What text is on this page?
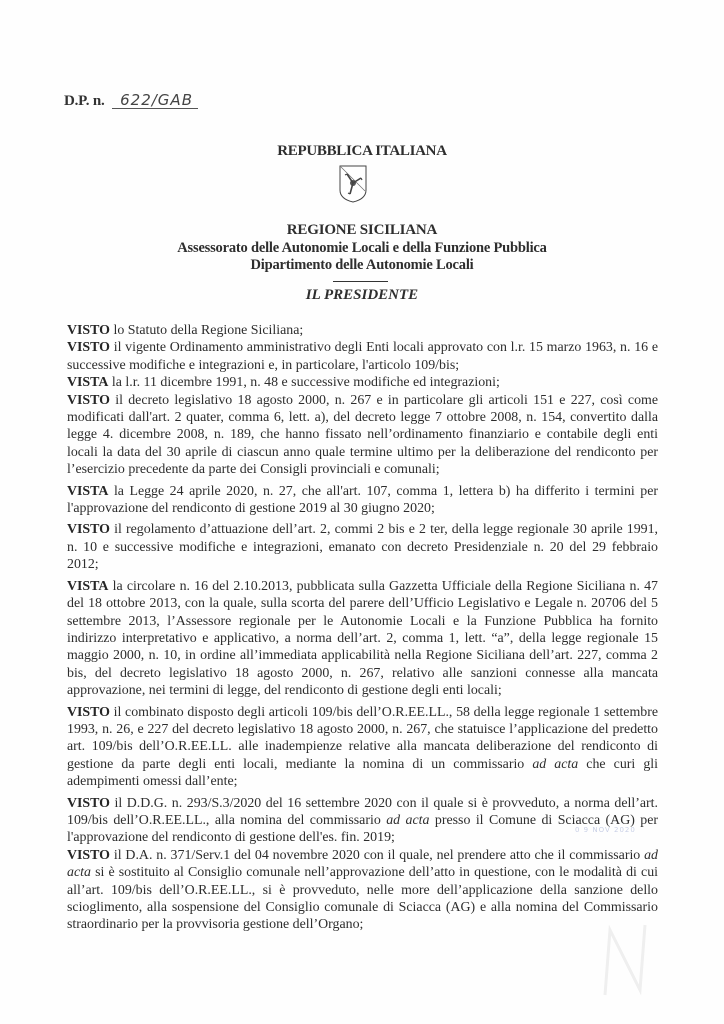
D.P. n. 622/GAB
REPUBBLICA ITALIANA
REGIONE SICILIANA
Assessorato delle Autonomie Locali e della Funzione Pubblica
Dipartimento delle Autonomie Locali
IL PRESIDENTE

VISTO lo Statuto della Regione Siciliana;

VISTO il vigente Ordinamento amministrativo degli Enti locali approvato con l.r. 15 marzo 1963, n. 16 e successive modifiche e integrazioni e, in particolare, l'articolo 109/bis;

VISTA la l.r. 11 dicembre 1991, n. 48 e successive modifiche ed integrazioni;

VISTO il decreto legislativo 18 agosto 2000, n. 267 e in particolare gli articoli 151 e 227, così come modificati dall'art. 2 quater, comma 6, lett. a), del decreto legge 7 ottobre 2008, n. 154, convertito dalla legge 4. dicembre 2008, n. 189, che hanno fissato nell’ordinamento finanziario e contabile degli enti locali la data del 30 aprile di ciascun anno quale termine ultimo per la deliberazione del rendiconto per l’esercizio precedente da parte dei Consigli provinciali e comunali;

VISTA la Legge 24 aprile 2020, n. 27, che all'art. 107, comma 1, lettera b) ha differito i termini per l'approvazione del rendiconto di gestione 2019 al 30 giugno 2020;

VISTO il regolamento d’attuazione dell’art. 2, commi 2 bis e 2 ter, della legge regionale 30 aprile 1991, n. 10 e successive modifiche e integrazioni, emanato con decreto Presidenziale n. 20 del 29 febbraio 2012;

VISTA la circolare n. 16 del 2.10.2013, pubblicata sulla Gazzetta Ufficiale della Regione Siciliana n. 47 del 18 ottobre 2013, con la quale, sulla scorta del parere dell’Ufficio Legislativo e Legale n. 20706 del 5 settembre 2013, l’Assessore regionale per le Autonomie Locali e la Funzione Pubblica ha fornito indirizzo interpretativo e applicativo, a norma dell’art. 2, comma 1, lett. “a”, della legge regionale 15 maggio 2000, n. 10, in ordine all’immediata applicabilità nella Regione Siciliana dell’art. 227, comma 2 bis, del decreto legislativo 18 agosto 2000, n. 267, relativo alle sanzioni connesse alla mancata approvazione, nei termini di legge, del rendiconto di gestione degli enti locali;

VISTO il combinato disposto degli articoli 109/bis dell’O.R.EE.LL., 58 della legge regionale 1 settembre 1993, n. 26, e 227 del decreto legislativo 18 agosto 2000, n. 267, che statuisce l’applicazione del predetto art. 109/bis dell’O.R.EE.LL. alle inadempienze relative alla mancata deliberazione del rendiconto di gestione da parte degli enti locali, mediante la nomina di un commissario ad acta che curi gli adempimenti omessi dall’ente;

VISTO il D.D.G. n. 293/S.3/2020 del 16 settembre 2020 con il quale si è provveduto, a norma dell’art. 109/bis dell’O.R.EE.LL., alla nomina del commissario ad acta presso il Comune di Sciacca (AG) per l'approvazione del rendiconto di gestione dell'es. fin. 2019;

VISTO il D.A. n. 371/Serv.1 del 04 novembre 2020 con il quale, nel prendere atto che il commissario ad acta si è sostituito al Consiglio comunale nell’approvazione dell’atto in questione, con le modalità di cui all’art. 109/bis dell’O.R.EE.LL., si è provveduto, nelle more dell’applicazione della sanzione dello scioglimento, alla sospensione del Consiglio comunale di Sciacca (AG) e alla nomina del Commissario straordinario per la provvisoria gestione dell’Organo;

0 9 NOV 2020
